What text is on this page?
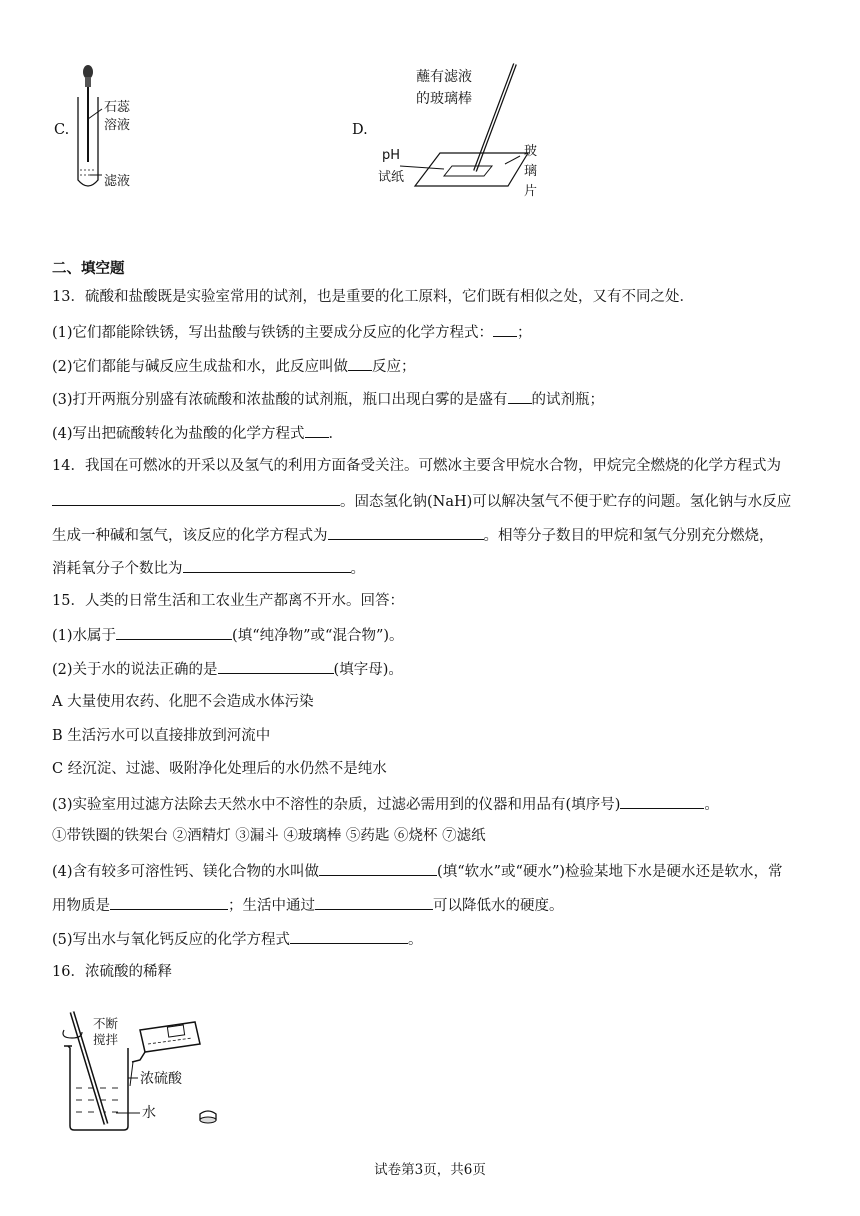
C.
石蕊
溶液
滤液
D.
蘸有滤液
的玻璃棒
pH
试纸
玻
璃
片
二、填空题
13．硫酸和盐酸既是实验室常用的试剂，也是重要的化工原料，它们既有相似之处，又有不同之处．
(1)它们都能除铁锈，写出盐酸与铁锈的主要成分反应的化学方程式： ；
(2)它们都能与碱反应生成盐和水，此反应叫做 反应；
(3)打开两瓶分别盛有浓硫酸和浓盐酸的试剂瓶，瓶口出现白雾的是盛有 的试剂瓶；
(4)写出把硫酸转化为盐酸的化学方程式 ．
14．我国在可燃冰的开采以及氢气的利用方面备受关注。可燃冰主要含甲烷水合物，甲烷完全燃烧的化学方程式为
。固态氢化钠(NaH)可以解决氢气不便于贮存的问题。氢化钠与水反应
生成一种碱和氢气，该反应的化学方程式为	。相等分子数目的甲烷和氢气分别充分燃烧，
消耗氧分子个数比为	。
15．人类的日常生活和工农业生产都离不开水。回答：
(1)水属于	(填“纯净物”或“混合物”)。
(2)关于水的说法正确的是	(填字母)。
A 大量使用农药、化肥不会造成水体污染
B 生活污水可以直接排放到河流中
C 经沉淀、过滤、吸附净化处理后的水仍然不是纯水
(3)实验室用过滤方法除去天然水中不溶性的杂质，过滤必需用到的仪器和用品有(填序号)	。
①带铁圈的铁架台 ②酒精灯 ③漏斗 ④玻璃棒 ⑤药匙 ⑥烧杯 ⑦滤纸
(4)含有较多可溶性钙、镁化合物的水叫做	(填“软水”或“硬水”)检验某地下水是硬水还是软水，常
用物质是	；生活中通过	可以降低水的硬度。
(5)写出水与氧化钙反应的化学方程式	。
16．浓硫酸的稀释
不断
搅拌
浓硫酸
水
试卷第3页，共6页
